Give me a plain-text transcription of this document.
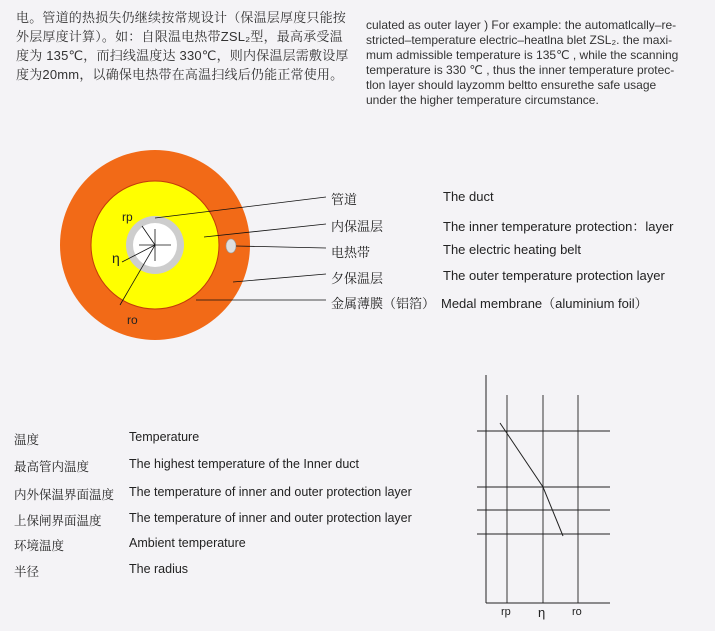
电。管道的热损失仍继续按常规设计（保温层厚度只能按
外层厚度计算）。如：自限温电热带ZSL₂型，最高承受温
度为 135℃，而扫线温度达 330℃，则内保温层需敷设厚
度为20mm，以确保电热带在高温扫线后仍能正常使用。
culated as outer layer ) For example: the automatlcally–re-
stricted–temperature electric–heatlna blet ZSL₂. the maxi-
mum admissible temperature is 135℃ , while the scanning
temperature is 330 ℃ , thus the inner temperature protec-
tlon layer should layzomm beltto ensurethe safe usage
under the higher temperature circumstance.
rp
η
ro
管道	The duct
内保温层	The inner temperature protection：layer
电热带	The electric heating belt
夕保温层	The outer temperature protection layer
金属薄膜（铝箔） Medal membrane（aluminium foil）
温度	Temperature
最高管内温度	The highest temperature of the Inner duct
内外保温界面温度 The temperature of inner and outer protection layer
上保闸界面温度 The temperature of inner and outer protection layer
环境温度	Ambient temperature
半径	The radius
rp η ro
